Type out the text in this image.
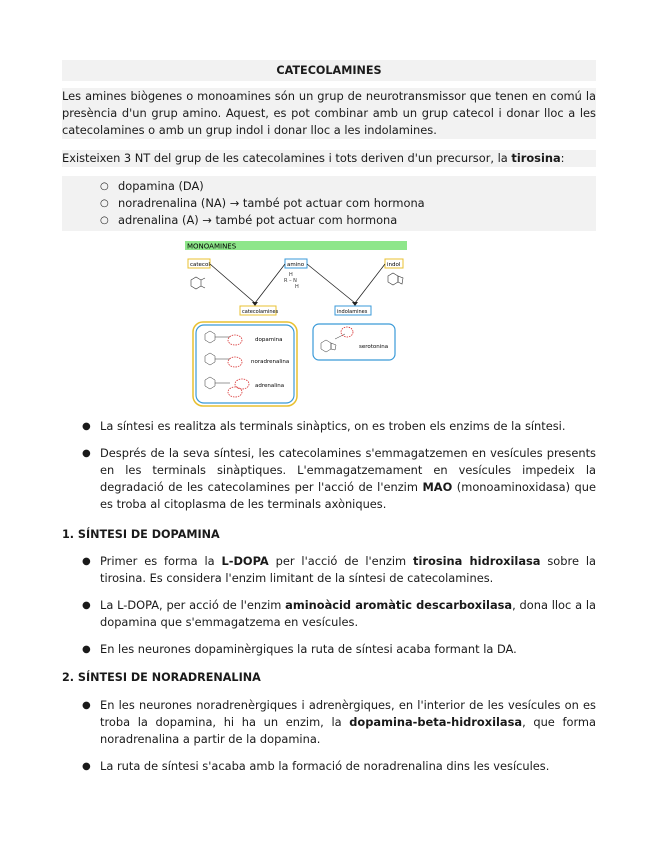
CATECOLAMINES
Les amines biògenes o monoamines són un grup de neurotransmissor que tenen en comú la presència d'un grup amino. Aquest, es pot combinar amb un grup catecol i donar lloc a les catecolamines o amb un grup indol i donar lloc a les indolamines.
Existeixen 3 NT del grup de les catecolamines i tots deriven d'un precursor, la tirosina:
○ dopamina (DA)
○ noradrenalina (NA) → també pot actuar com hormona
○ adrenalina (A) → també pot actuar com hormona
MONOAMINES
catecol	amino	indol
H
R – N
H
catecolamines	indolamines
dopamina
noradrenalina
adrenalina
serotonina
● La síntesi es realitza als terminals sinàptics, on es troben els enzims de la síntesi.
● Després de la seva síntesi, les catecolamines s'emmagatzemen en vesícules presents en les terminals sinàptiques. L'emmagatzemament en vesícules impedeix la degradació de les catecolamines per l'acció de l'enzim MAO (monoaminoxidasa) que es troba al citoplasma de les terminals axòniques.
1. SÍNTESI DE DOPAMINA
● Primer es forma la L-DOPA per l'acció de l'enzim tirosina hidroxilasa sobre la tirosina. Es considera l'enzim limitant de la síntesi de catecolamines.
● La L-DOPA, per acció de l'enzim aminoàcid aromàtic descarboxilasa, dona lloc a la dopamina que s'emmagatzema en vesícules.
● En les neurones dopaminèrgiques la ruta de síntesi acaba formant la DA.
2. SÍNTESI DE NORADRENALINA
● En les neurones noradrenèrgiques i adrenèrgiques, en l'interior de les vesícules on es troba la dopamina, hi ha un enzim, la dopamina-beta-hidroxilasa, que forma noradrenalina a partir de la dopamina.
● La ruta de síntesi s'acaba amb la formació de noradrenalina dins les vesícules.
